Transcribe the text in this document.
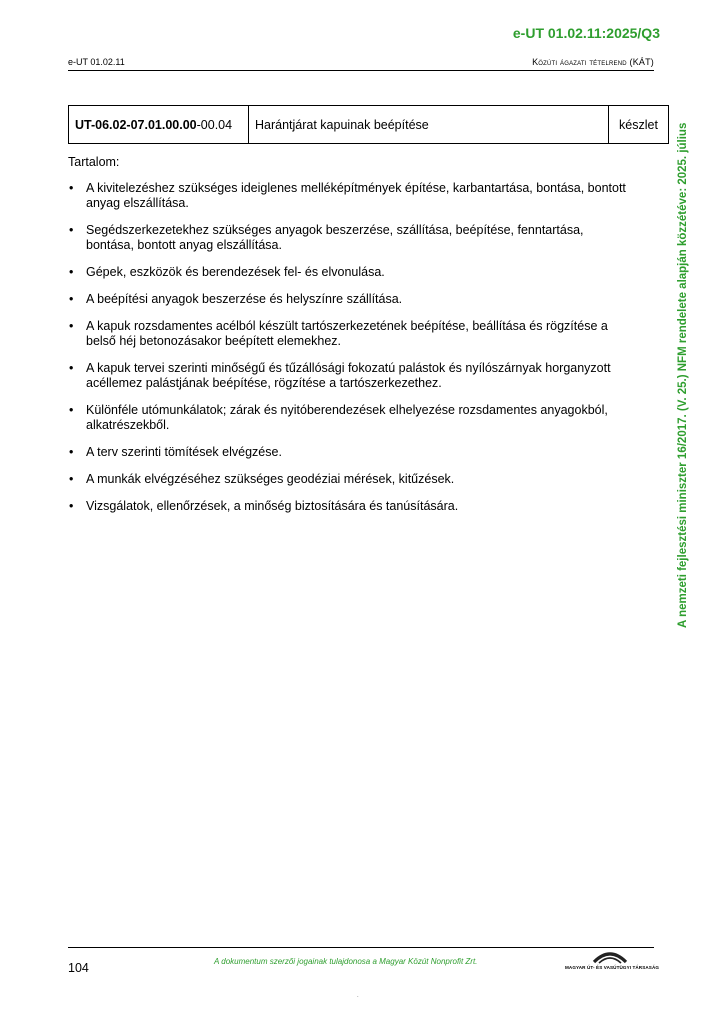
e-UT 01.02.11:2025/Q3
e-UT 01.02.11	Közúti ágazati tételrend (KÁT)
UT-06.02-07.01.00.00-00.04	Harántjárat kapuinak beépítése	készlet
Tartalom:
• A kivitelezéshez szükséges ideiglenes melléképítmények építése, karbantartása, bontása, bontott anyag elszállítása.
• Segédszerkezetekhez szükséges anyagok beszerzése, szállítása, beépítése, fenntartása, bontása, bontott anyag elszállítása.
• Gépek, eszközök és berendezések fel- és elvonulása.
• A beépítési anyagok beszerzése és helyszínre szállítása.
• A kapuk rozsdamentes acélból készült tartószerkezetének beépítése, beállítása és rögzítése a belső héj betonozásakor beépített elemekhez.
• A kapuk tervei szerinti minőségű és tűzállósági fokozatú palástok és nyílószárnyak horganyzott acéllemez palástjának beépítése, rögzítése a tartószerkezethez.
• Különféle utómunkálatok; zárak és nyitóberendezések elhelyezése rozsdamentes anyagokból, alkatrészekből.
• A terv szerinti tömítések elvégzése.
• A munkák elvégzéséhez szükséges geodéziai mérések, kitűzések.
• Vizsgálatok, ellenőrzések, a minőség biztosítására és tanúsítására.	A nemzeti fejlesztési miniszter 16/2017. (V. 25.) NFM rendelete alapján közzétéve: 2025. július
104	A dokumentum szerzői jogainak tulajdonosa a Magyar Közút Nonprofit Zrt.
MAGYAR ÚT- ÉS VASÚTÜGYI TÁRSASÁG
.
